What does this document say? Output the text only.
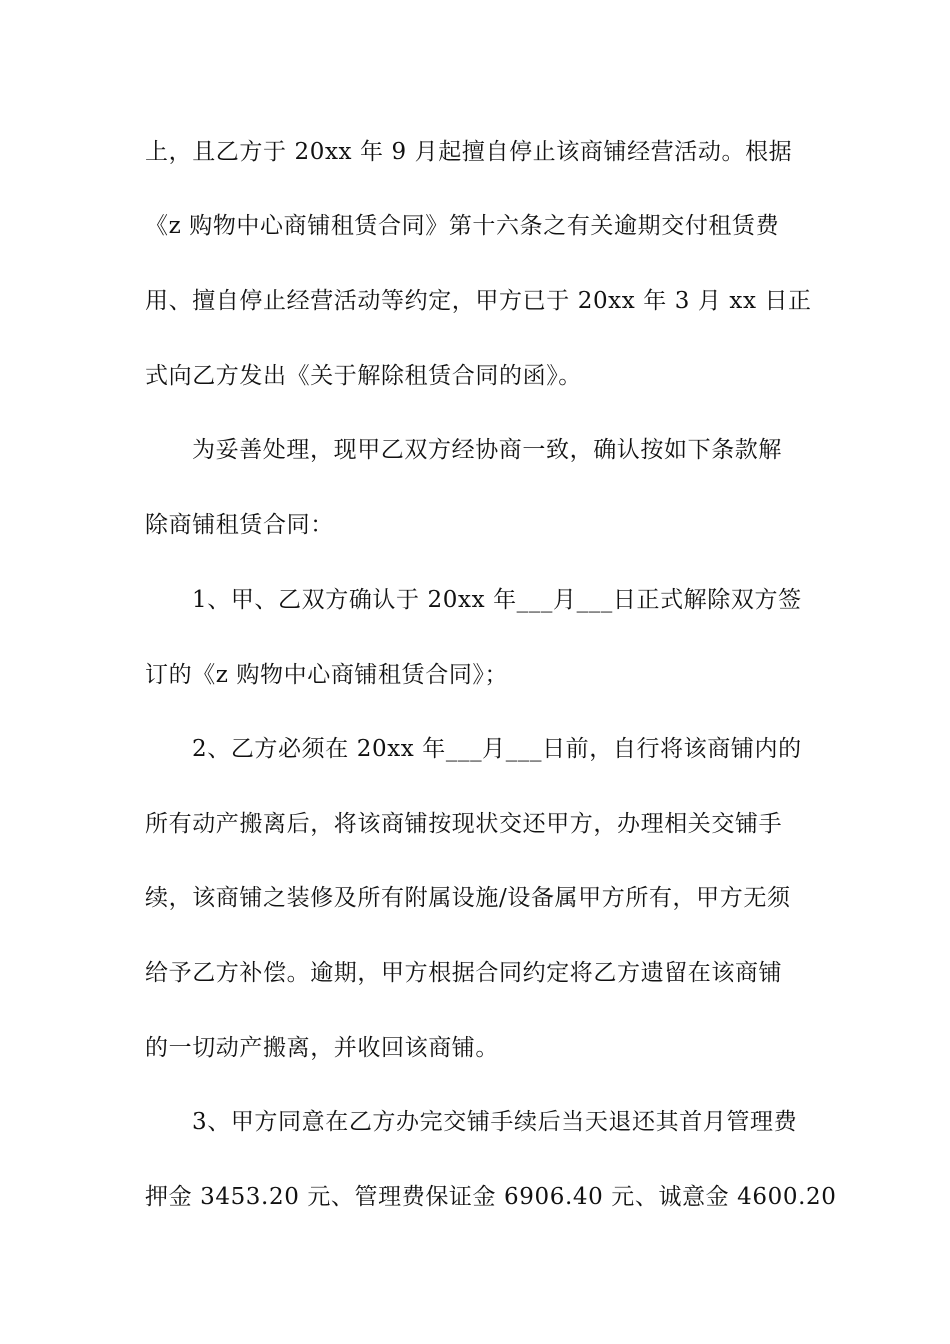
上，且乙方于 20xx 年 9 月起擅自停止该商铺经营活动。根据
《z 购物中心商铺租赁合同》第十六条之有关逾期交付租赁费
用、擅自停止经营活动等约定，甲方已于 20xx 年 3 月 xx 日正
式向乙方发出《关于解除租赁合同的函》。
为妥善处理，现甲乙双方经协商一致，确认按如下条款解
除商铺租赁合同：
1、甲、乙双方确认于 20xx 年___月___日正式解除双方签
订的《z 购物中心商铺租赁合同》；
2、乙方必须在 20xx 年___月___日前，自行将该商铺内的
所有动产搬离后，将该商铺按现状交还甲方，办理相关交铺手
续，该商铺之装修及所有附属设施/设备属甲方所有，甲方无须
给予乙方补偿。逾期，甲方根据合同约定将乙方遗留在该商铺
的一切动产搬离，并收回该商铺。
3、甲方同意在乙方办完交铺手续后当天退还其首月管理费
押金 3453.20 元、管理费保证金 6906.40 元、诚意金 4600.20
